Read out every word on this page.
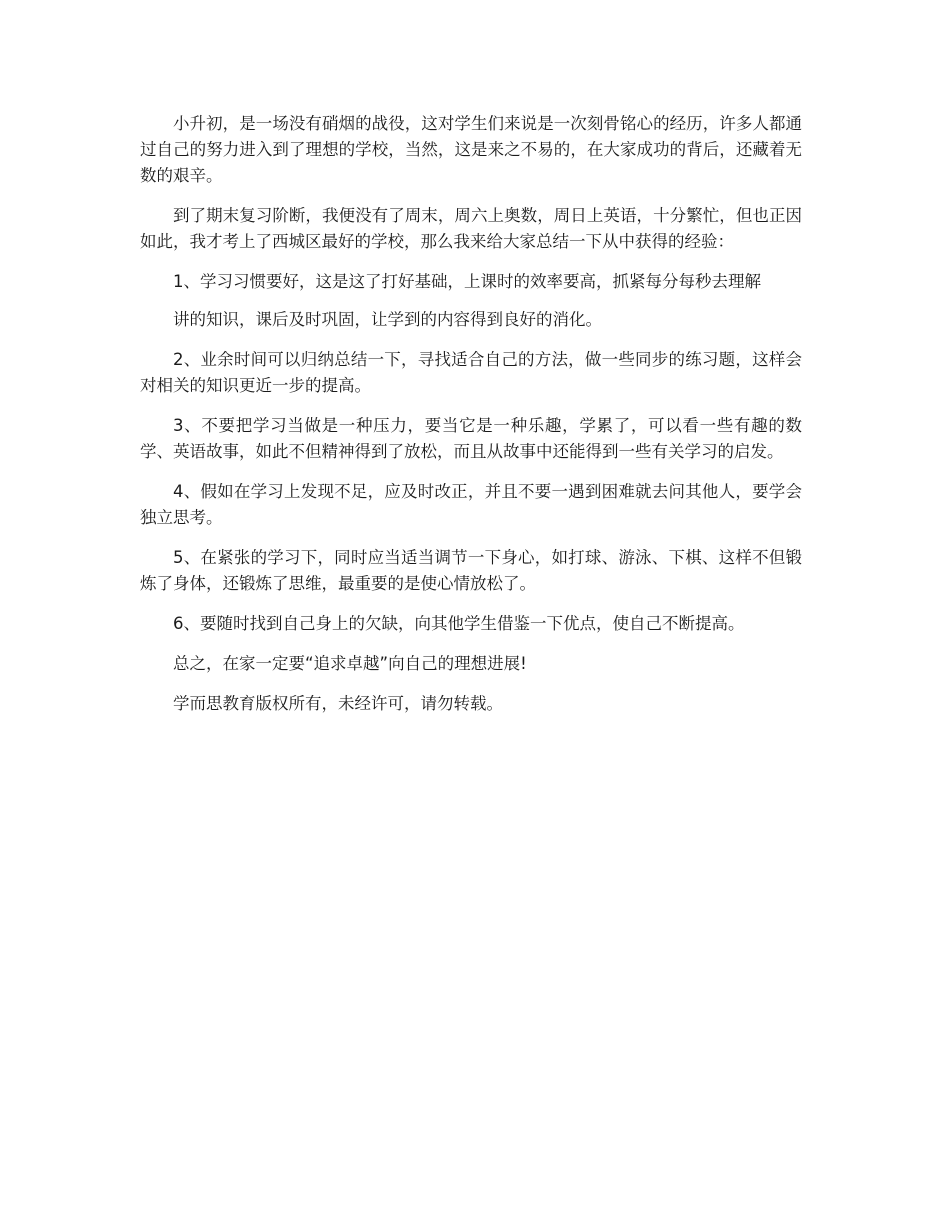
小升初，是一场没有硝烟的战役，这对学生们来说是一次刻骨铭心的经历，许多人都通过自己的努力进入到了理想的学校，当然，这是来之不易的，在大家成功的背后，还藏着无数的艰辛。

到了期末复习阶断，我便没有了周末，周六上奥数，周日上英语，十分繁忙，但也正因如此，我才考上了西城区最好的学校，那么我来给大家总结一下从中获得的经验：

1、学习习惯要好，这是这了打好基础，上课时的效率要高，抓紧每分每秒去理解

讲的知识，课后及时巩固，让学到的内容得到良好的消化。

2、业余时间可以归纳总结一下，寻找适合自己的方法，做一些同步的练习题，这样会对相关的知识更近一步的提高。

3、不要把学习当做是一种压力，要当它是一种乐趣，学累了，可以看一些有趣的数学、英语故事，如此不但精神得到了放松，而且从故事中还能得到一些有关学习的启发。

4、假如在学习上发现不足，应及时改正，并且不要一遇到困难就去问其他人，要学会独立思考。

5、在紧张的学习下，同时应当适当调节一下身心，如打球、游泳、下棋、这样不但锻炼了身体，还锻炼了思维，最重要的是使心情放松了。

6、要随时找到自己身上的欠缺，向其他学生借鉴一下优点，使自己不断提高。

总之，在家一定要“追求卓越”向自己的理想进展!

学而思教育版权所有，未经许可，请勿转载。
